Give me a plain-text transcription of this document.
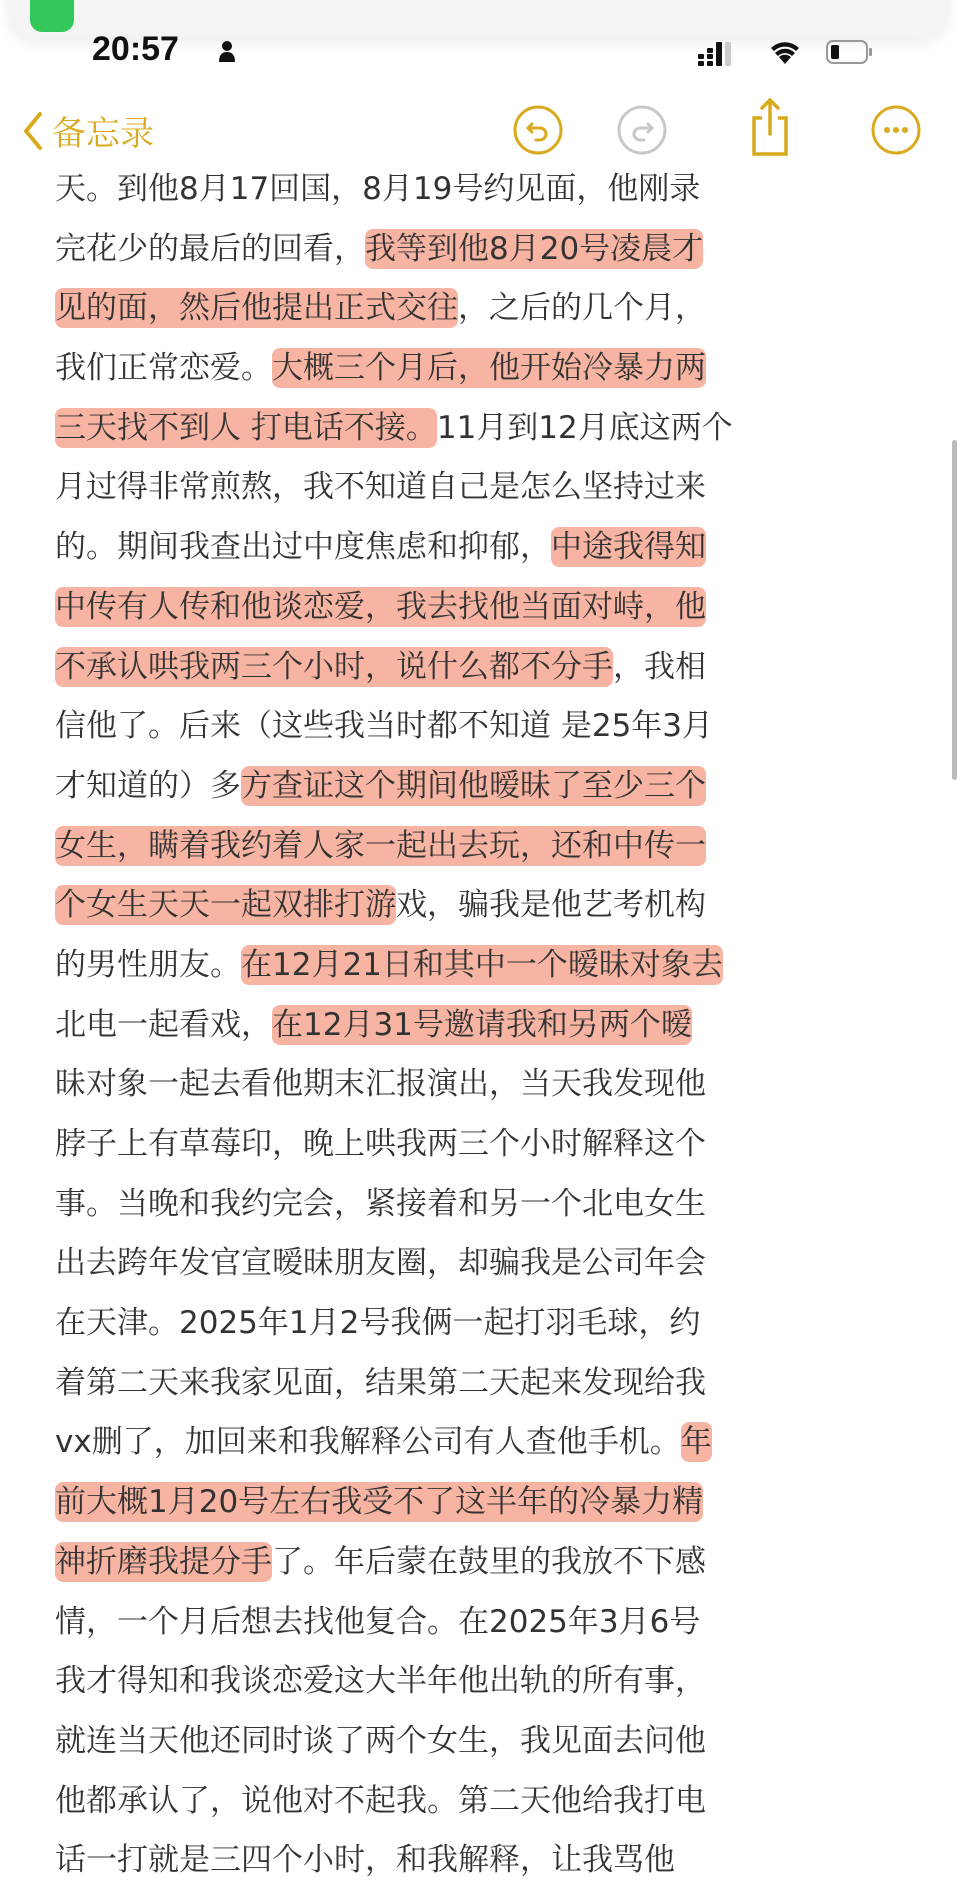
20:57
备忘录
天。到他8月17回国，8月19号约见面，他刚录
完花少的最后的回看，我等到他8月20号凌晨才
见的面，然后他提出正式交往，之后的几个月，
我们正常恋爱。大概三个月后，他开始冷暴力两
三天找不到人 打电话不接。11月到12月底这两个
月过得非常煎熬，我不知道自己是怎么坚持过来
的。期间我查出过中度焦虑和抑郁，中途我得知
中传有人传和他谈恋爱，我去找他当面对峙，他
不承认哄我两三个小时，说什么都不分手，我相
信他了。后来（这些我当时都不知道 是25年3月
才知道的）多方查证这个期间他暧昧了至少三个
女生，瞒着我约着人家一起出去玩，还和中传一
个女生天天一起双排打游戏，骗我是他艺考机构
的男性朋友。在12月21日和其中一个暧昧对象去
北电一起看戏，在12月31号邀请我和另两个暧
昧对象一起去看他期末汇报演出，当天我发现他
脖子上有草莓印，晚上哄我两三个小时解释这个
事。当晚和我约完会，紧接着和另一个北电女生
出去跨年发官宣暧昧朋友圈，却骗我是公司年会
在天津。2025年1月2号我俩一起打羽毛球，约
着第二天来我家见面，结果第二天起来发现给我
vx删了，加回来和我解释公司有人查他手机。年
前大概1月20号左右我受不了这半年的冷暴力精
神折磨我提分手了。年后蒙在鼓里的我放不下感
情，一个月后想去找他复合。在2025年3月6号
我才得知和我谈恋爱这大半年他出轨的所有事，
就连当天他还同时谈了两个女生，我见面去问他
他都承认了，说他对不起我。第二天他给我打电
话一打就是三四个小时，和我解释，让我骂他
